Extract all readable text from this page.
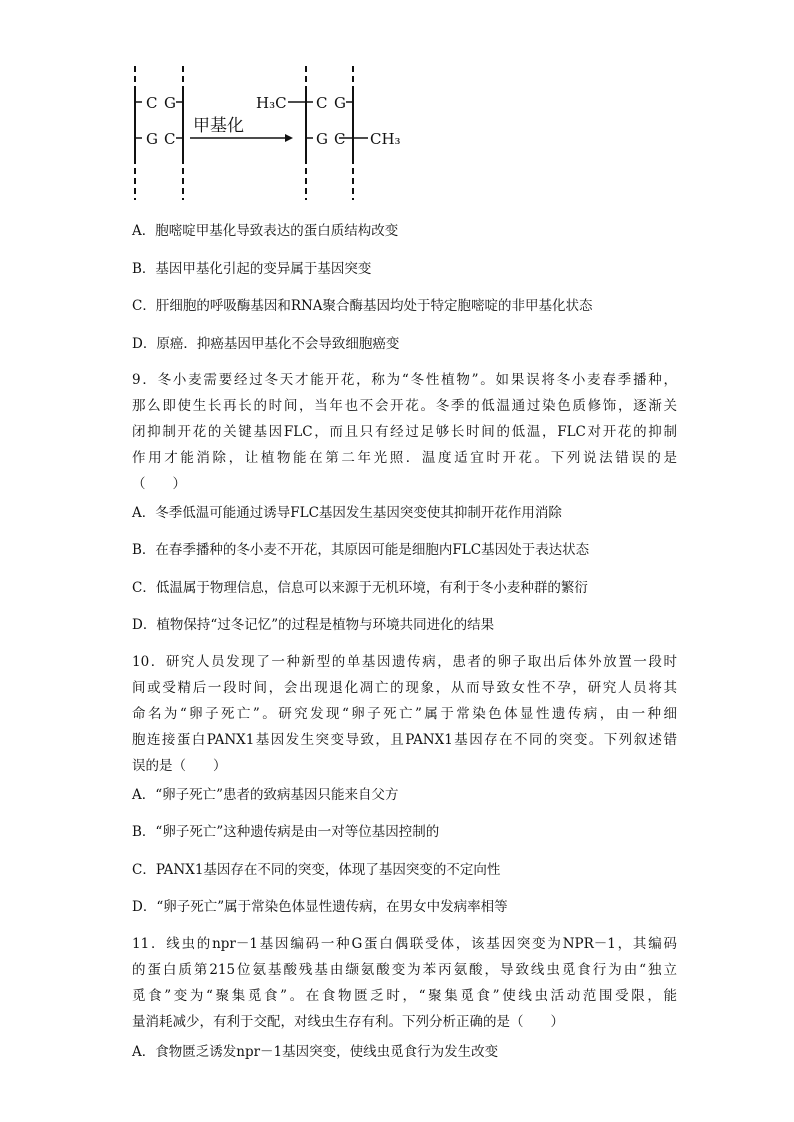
C G
G C
甲基化
C G
G C
H₃C
CH₃
A．胞嘧啶甲基化导致表达的蛋白质结构改变
B．基因甲基化引起的变异属于基因突变
C．肝细胞的呼吸酶基因和RNA聚合酶基因均处于特定胞嘧啶的非甲基化状态
D．原癌．抑癌基因甲基化不会导致细胞癌变
9．冬小麦需要经过冬天才能开花，称为“冬性植物”。如果误将冬小麦春季播种，
那么即使生长再长的时间，当年也不会开花。冬季的低温通过染色质修饰，逐渐关
闭抑制开花的关键基因FLC，而且只有经过足够长时间的低温，FLC对开花的抑制
作用才能消除，让植物能在第二年光照．温度适宜时开花。下列说法错误的是
（　　）
A．冬季低温可能通过诱导FLC基因发生基因突变使其抑制开花作用消除
B．在春季播种的冬小麦不开花，其原因可能是细胞内FLC基因处于表达状态
C．低温属于物理信息，信息可以来源于无机环境，有利于冬小麦种群的繁衍
D．植物保持“过冬记忆”的过程是植物与环境共同进化的结果
10．研究人员发现了一种新型的单基因遗传病，患者的卵子取出后体外放置一段时
间或受精后一段时间，会出现退化凋亡的现象，从而导致女性不孕，研究人员将其
命名为“卵子死亡”。研究发现“卵子死亡”属于常染色体显性遗传病，由一种细
胞连接蛋白PANX1基因发生突变导致，且PANX1基因存在不同的突变。下列叙述错
误的是（　　）
A．“卵子死亡”患者的致病基因只能来自父方
B．“卵子死亡”这种遗传病是由一对等位基因控制的
C．PANX1基因存在不同的突变，体现了基因突变的不定向性
D．“卵子死亡”属于常染色体显性遗传病，在男女中发病率相等
11．线虫的npr－1基因编码一种G蛋白偶联受体，该基因突变为NPR－1，其编码
的蛋白质第215位氨基酸残基由缬氨酸变为苯丙氨酸，导致线虫觅食行为由“独立
觅食”变为“聚集觅食”。在食物匮乏时，“聚集觅食”使线虫活动范围受限，能
量消耗减少，有利于交配，对线虫生存有利。下列分析正确的是（　　）
A．食物匮乏诱发npr－1基因突变，使线虫觅食行为发生改变
